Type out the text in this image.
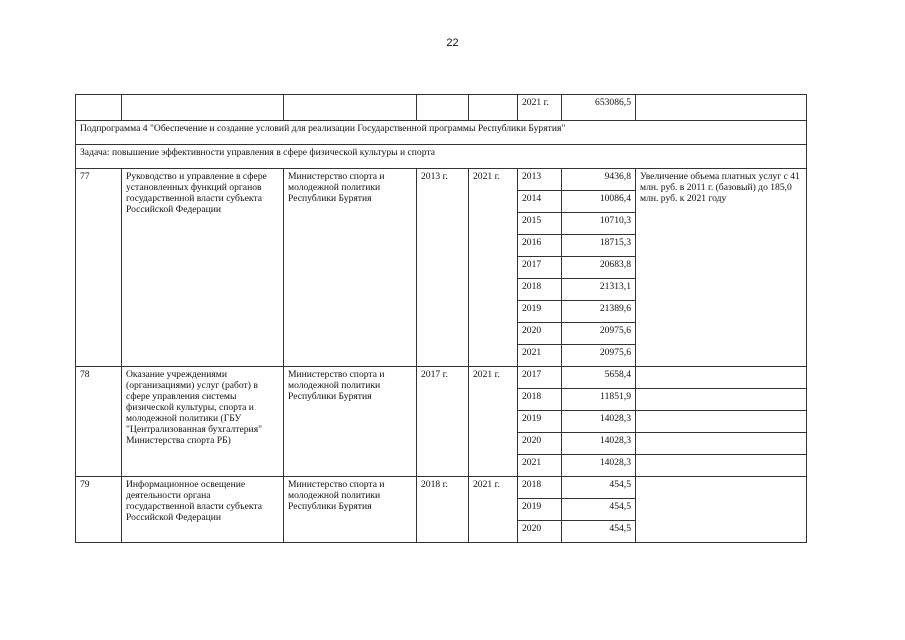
22
					2021 г.	653086,5	
Подпрограмма 4 "Обеспечение и создание условий для реализации Государственной программы Республики Бурятия"							
Задача: повышение эффективности управления в сфере физической культуры и спорта							
77	Руководство и управление в сфере установленных функций органов государственной власти субъекта Российской Федерации	Министерство спорта и молодежной политики Республики Бурятия	2013 г.	2021 г.	2013	9436,8	Увеличение объема платных услуг с 41 млн. руб. в 2011 г. (базовый) до 185,0 млн. руб. к 2021 году
					2014	10086,4	
					2015	10710,3	
					2016	18715,3	
					2017	20683,8	
					2018	21313,1	
					2019	21389,6	
					2020	20975,6	
					2021	20975,6	
78	Оказание учреждениями (организациями) услуг (работ) в сфере управления системы физической культуры, спорта и молодежной политики (ГБУ "Централизованная бухгалтерия" Министерства спорта РБ)	Министерство спорта и молодежной политики Республики Бурятия	2017 г.	2021 г.	2017	5658,4	
					2018	11851,9	
					2019	14028,3	
					2020	14028,3	
					2021	14028,3	
79	Информационное освещение деятельности органа государственной власти субъекта Российской Федерации	Министерство спорта и молодежной политики Республики Бурятия	2018 г.	2021 г.	2018	454,5	
					2019	454,5	
					2020	454,5	
